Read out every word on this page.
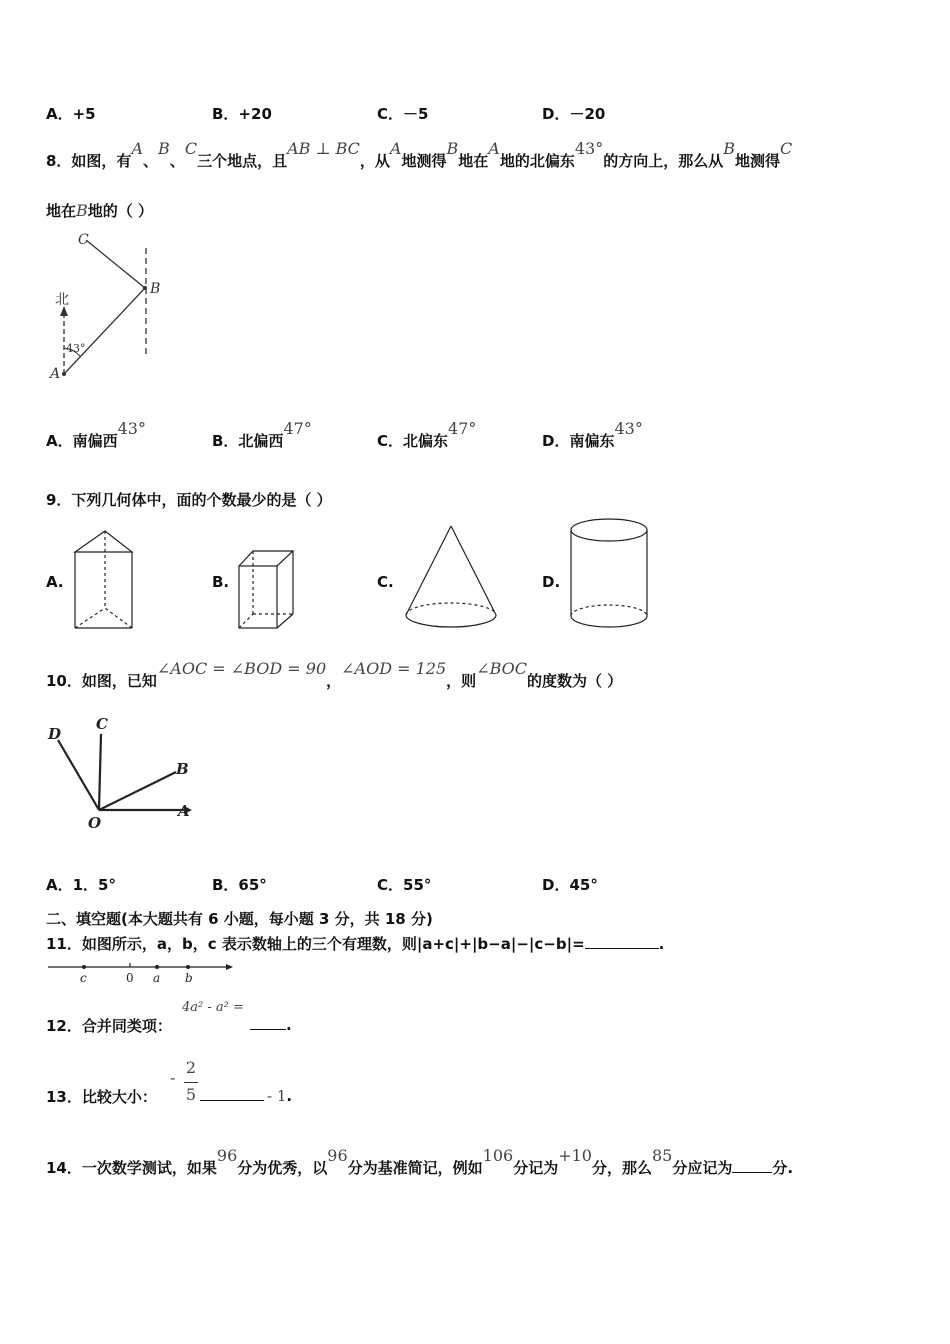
A．+5	B．+20	C．－5	D．－20
8．如图，有A、B、C三个地点，且AB ⊥ BC，从A地测得B地在A地的北偏东43°的方向上，那么从B地测得C
地在B地的（ ）
C
B
A
北
43°
A．南偏西43°
B．北偏西47°
C．北偏东47°
D．南偏东43°
9．下列几何体中，面的个数最少的是（ ）
A.	B.	C.	D.
10．如图，已知∠AOC = ∠BOD = 90，∠AOD = 125，则∠BOC的度数为（ ）
D
C
B
A
O
A．1．5°	B．65°	C．55°	D．45°
二、填空题(本大题共有 6 小题，每小题 3 分，共 18 分)
11．如图所示，a，b，c 表示数轴上的三个有理数，则|a+c|+|b−a|−|c−b|=	.
c	0 a b
12．合并同类项：
4a² - a² =
.
13．比较大小：
-
2
5	- 1.
14．一次数学测试，如果96分为优秀，以96分为基准简记，例如106分记为+10分，那么85分应记为	分.
